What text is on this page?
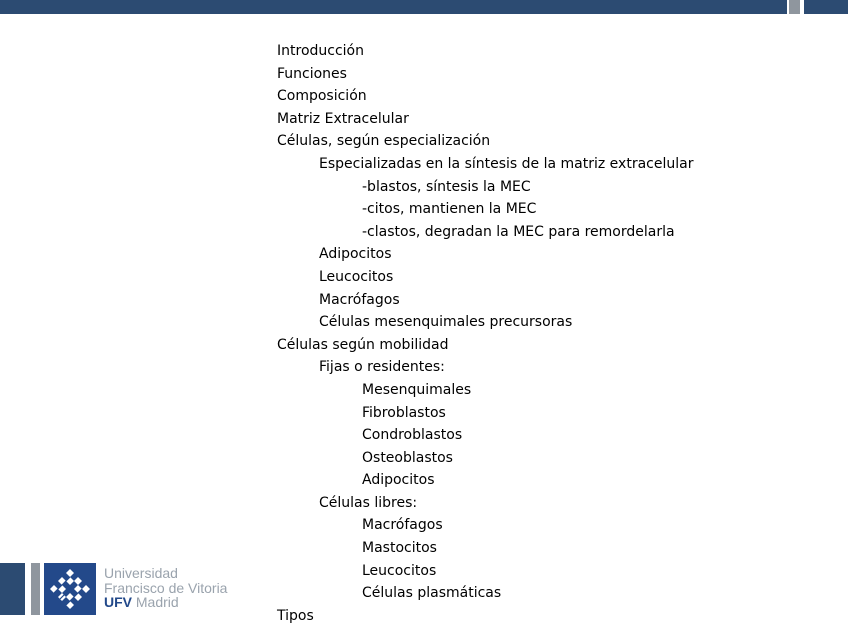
Introducción
Funciones
Composición
Matriz Extracelular
Células, según especialización
Especializadas en la síntesis de la matriz extracelular
-blastos, síntesis la MEC
-citos, mantienen la MEC
-clastos, degradan la MEC para remordelarla
Adipocitos
Leucocitos
Macrófagos
Células mesenquimales precursoras
Células según mobilidad
Fijas o residentes:
Mesenquimales
Fibroblastos
Condroblastos
Osteoblastos
Adipocitos
Células libres:
Macrófagos
Mastocitos
Leucocitos
Células plasmáticas
Tipos
Universidad
Francisco de Vitoria
UFV Madrid
